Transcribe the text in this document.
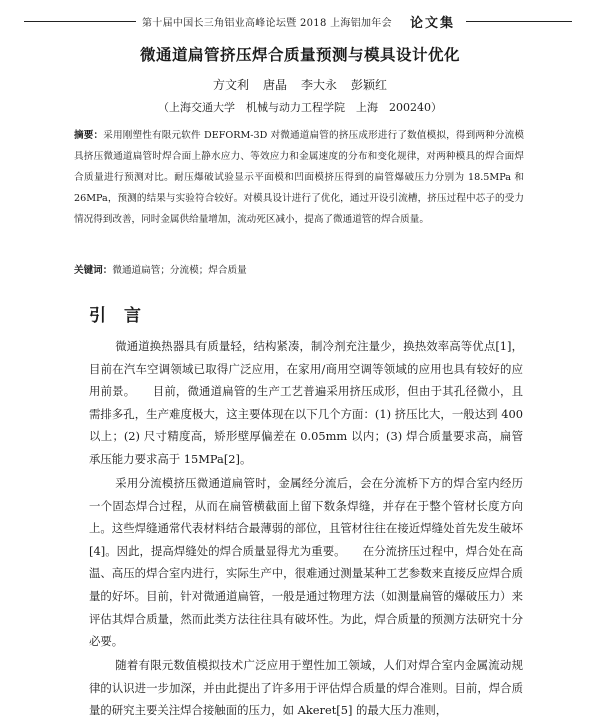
第十届中国长三角铝业高峰论坛暨 2018 上海铝加年会 论文集
微通道扁管挤压焊合质量预测与模具设计优化
方文利 唐晶 李大永 彭颖红
（上海交通大学　机械与动力工程学院　上海　200240）
摘要：采用刚塑性有限元软件 DEFORM-3D 对微通道扁管的挤压成形进行了数值模拟，得到两种分流模具挤压微通道扁管时焊合面上静水应力、等效应力和金属速度的分布和变化规律，对两种模具的焊合面焊合质量进行预测对比。耐压爆破试验显示平面模和凹面模挤压得到的扁管爆破压力分别为 18.5MPa 和 26MPa，预测的结果与实验符合较好。对模具设计进行了优化，通过开设引流槽，挤压过程中芯子的受力情况得到改善，同时金属供给量增加，流动死区减小，提高了微通道管的焊合质量。
关键词：微通道扁管；分流模；焊合质量
引言

微通道换热器具有质量轻，结构紧凑，制冷剂充注量少，换热效率高等优点[1]，目前在汽车空调领域已取得广泛应用，在家用/商用空调等领域的应用也具有较好的应用前景。　　目前，微通道扁管的生产工艺普遍采用挤压成形，但由于其孔径微小，且需排多孔，生产难度极大，这主要体现在以下几个方面：(1) 挤压比大，一般达到 400 以上；(2) 尺寸精度高，矫形壁厚偏差在 0.05mm 以内；(3) 焊合质量要求高，扁管承压能力要求高于 15MPa[2]。

采用分流模挤压微通道扁管时，金属经分流后，会在分流桥下方的焊合室内经历一个固态焊合过程，从而在扁管横截面上留下数条焊缝，并存在于整个管材长度方向上。这些焊缝通常代表材料结合最薄弱的部位，且管材往往在接近焊缝处首先发生破坏[4]。因此，提高焊缝处的焊合质量显得尤为重要。　　在分流挤压过程中，焊合处在高温、高压的焊合室内进行，实际生产中，很难通过测量某种工艺参数来直接反应焊合质量的好坏。目前，针对微通道扁管，一般是通过物理方法（如测量扁管的爆破压力）来评估其焊合质量，然而此类方法往往具有破坏性。为此，焊合质量的预测方法研究十分必要。

随着有限元数值模拟技术广泛应用于塑性加工领域，人们对焊合室内金属流动规律的认识进一步加深，并由此提出了许多用于评估焊合质量的焊合准则。目前，焊合质量的研究主要关注焊合接触面的压力，如 Akeret[5] 的最大压力准则，
